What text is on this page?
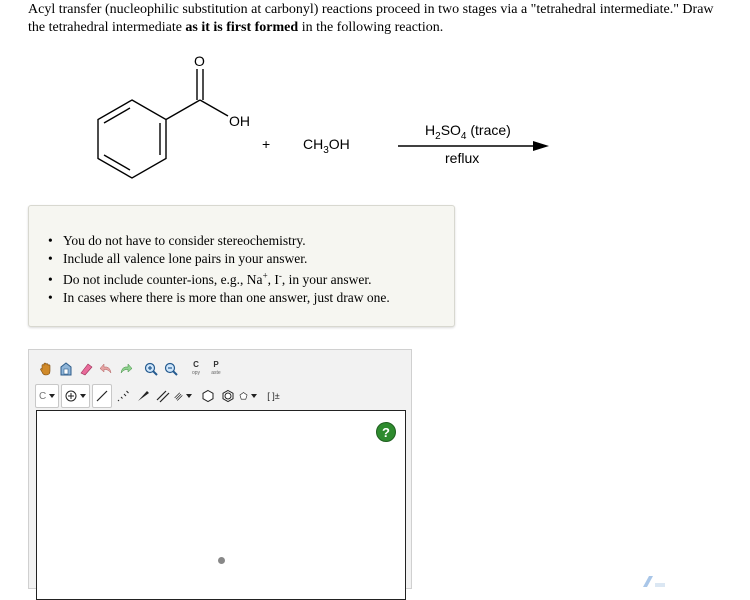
Acyl transfer (nucleophilic substitution at carbonyl) reactions proceed in two stages via a "tetrahedral intermediate." Draw
the tetrahedral intermediate as it is first formed in the following reaction.
O
OH
+ $CH_3OH$
$H_2SO_4$ (trace)
reflux
• You do not have to consider stereochemistry.
• Include all valence lone pairs in your answer.
• Do not include counter-ions, e.g., Na+, I-, in your answer.
• In cases where there is more than one answer, just draw one.
C
opy
P
aste
C	[ ]±
?
